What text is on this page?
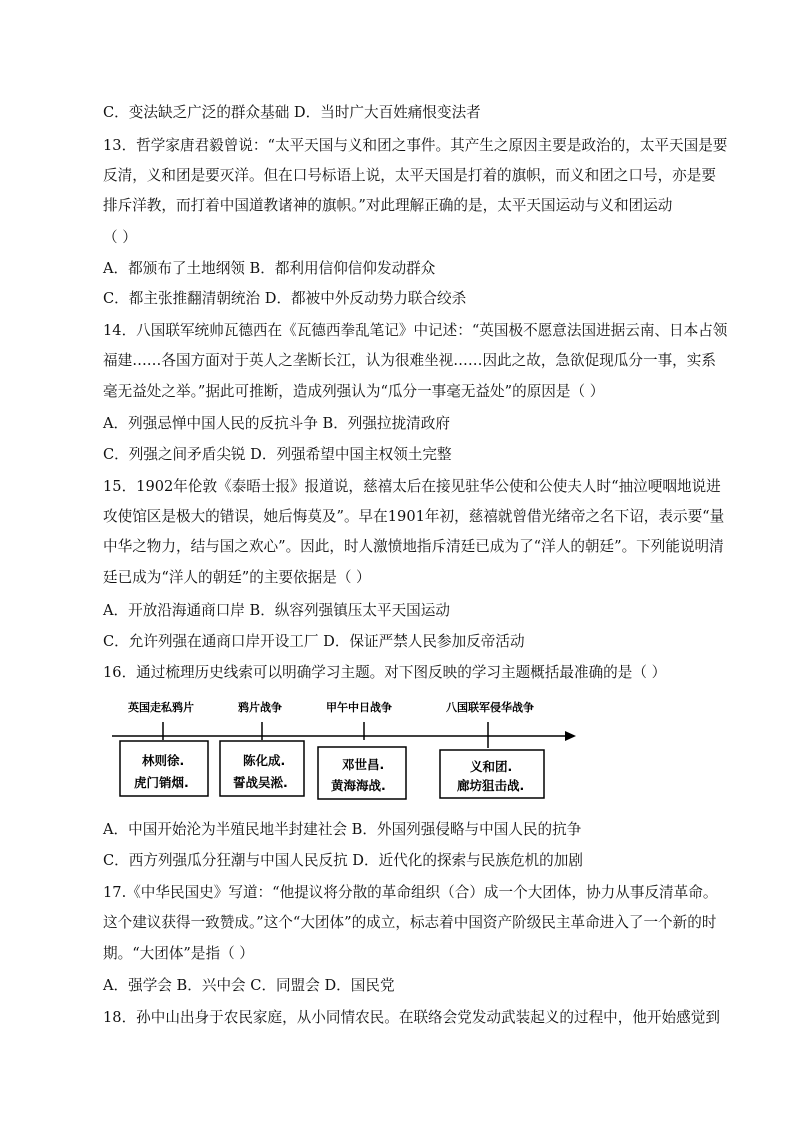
C．变法缺乏广泛的群众基础 D．当时广大百姓痛恨变法者
13．哲学家唐君毅曾说：“太平天国与义和团之事件。其产生之原因主要是政治的，太平天国是要
反清，义和团是要灭洋。但在口号标语上说，太平天国是打着的旗帜，而义和团之口号，亦是要
排斥洋教，而打着中国道教诸神的旗帜。”对此理解正确的是，太平天国运动与义和团运动
（ ）
A．都颁布了土地纲领 B．都利用信仰信仰发动群众
C．都主张推翻清朝统治 D．都被中外反动势力联合绞杀
14．八国联军统帅瓦德西在《瓦德西拳乱笔记》中记述：“英国极不愿意法国进据云南、日本占领
福建……各国方面对于英人之垄断长江，认为很难坐视……因此之故，急欲促现瓜分一事，实系
毫无益处之举。”据此可推断，造成列强认为“瓜分一事毫无益处”的原因是（ ）
A．列强忌惮中国人民的反抗斗争 B．列强拉拢清政府
C．列强之间矛盾尖锐 D．列强希望中国主权领土完整
15．1902年伦敦《泰晤士报》报道说，慈禧太后在接见驻华公使和公使夫人时“抽泣哽咽地说进
攻使馆区是极大的错误，她后悔莫及”。早在1901年初，慈禧就曾借光绪帝之名下诏，表示要“量
中华之物力，结与国之欢心”。因此，时人激愤地指斥清廷已成为了“洋人的朝廷”。下列能说明清
廷已成为“洋人的朝廷”的主要依据是（ ）
A．开放沿海通商口岸 B．纵容列强镇压太平天国运动
C．允许列强在通商口岸开设工厂 D．保证严禁人民参加反帝活动
16．通过梳理历史线索可以明确学习主题。对下图反映的学习主题概括最准确的是（ ）
英国走私鸦片	鸦片战争	甲午中日战争	八国联军侵华战争
林则徐.
虎门销烟.
陈化成.
誓战吴淞.
邓世昌.
黄海海战.
义和团.
廊坊狙击战.
A．中国开始沦为半殖民地半封建社会 B．外国列强侵略与中国人民的抗争
C．西方列强瓜分狂潮与中国人民反抗 D．近代化的探索与民族危机的加剧
17.《中华民国史》写道：“他提议将分散的革命组织（合）成一个大团体，协力从事反清革命。
这个建议获得一致赞成。”这个“大团体”的成立，标志着中国资产阶级民主革命进入了一个新的时
期。“大团体”是指（ ）
A．强学会 B．兴中会 C．同盟会 D．国民党
18．孙中山出身于农民家庭，从小同情农民。在联络会党发动武装起义的过程中，他开始感觉到
